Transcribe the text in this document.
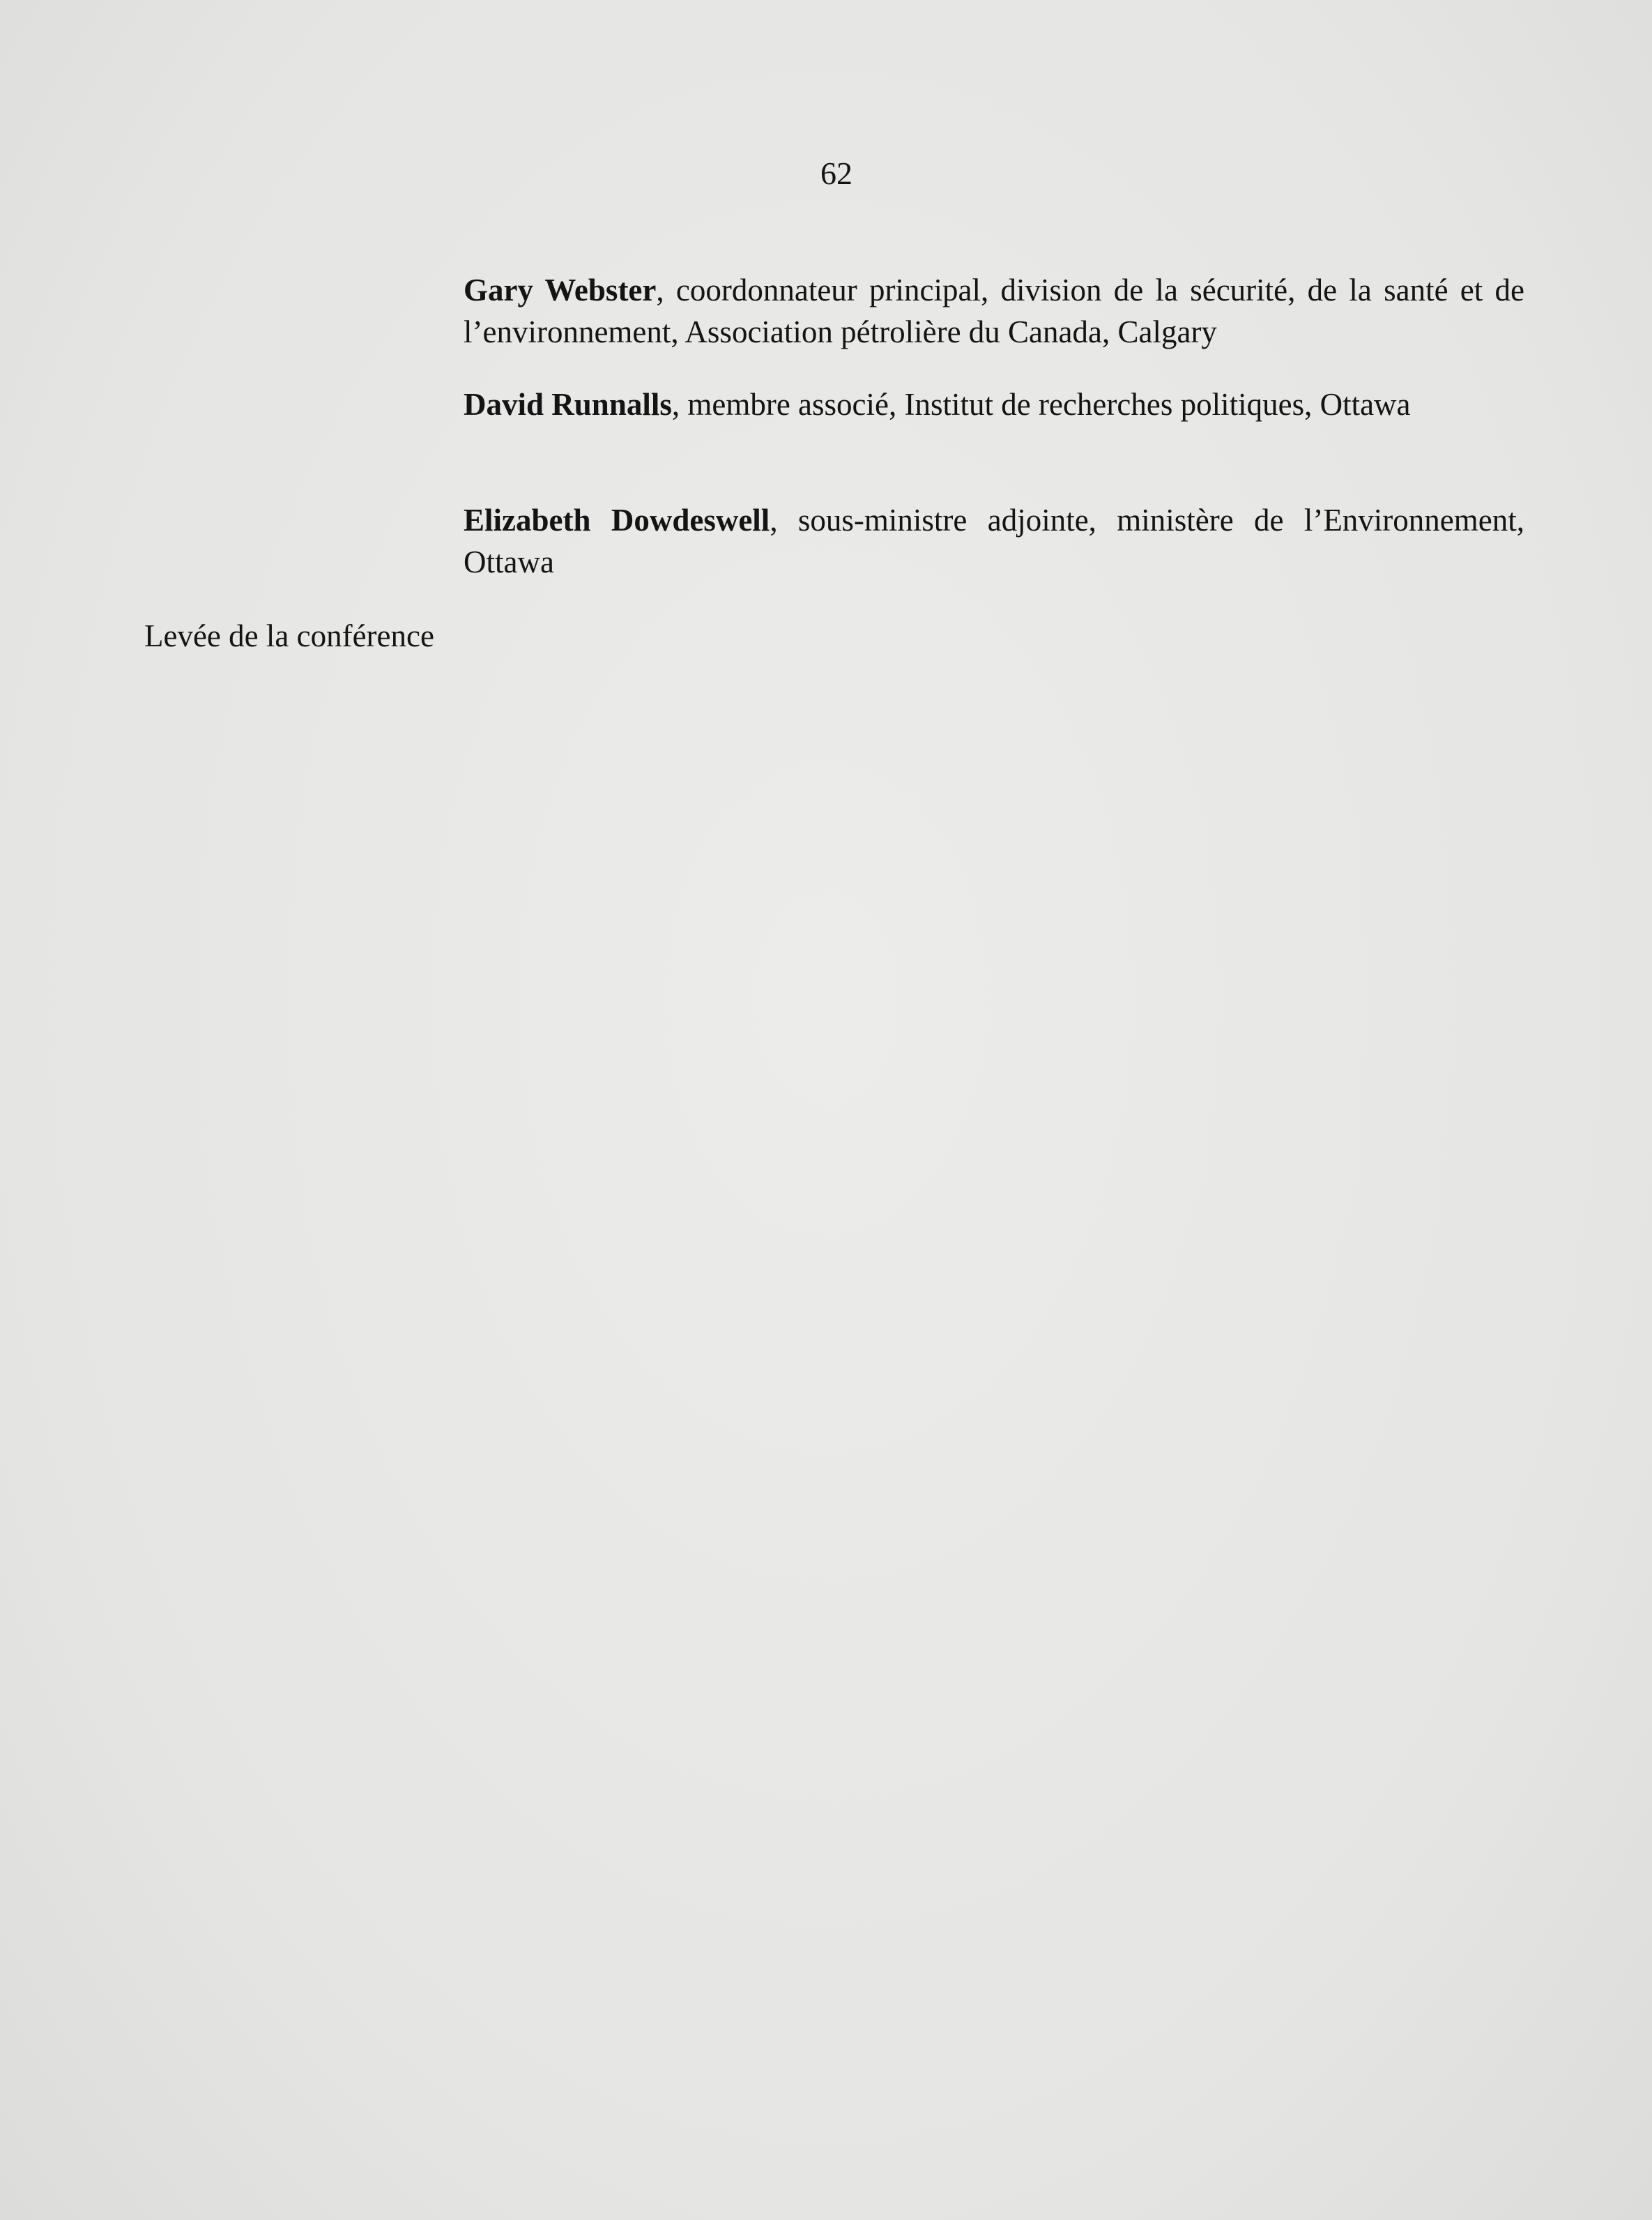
62
Gary Webster, coordonnateur principal, division de la sécurité, de la santé et de l’environnement, Association pétrolière du Canada, Calgary
David Runnalls, membre associé, Institut de recherches politiques, Ottawa
Elizabeth Dowdeswell, sous-ministre adjointe, ministère de l’Environnement, Ottawa
Levée de la conférence
